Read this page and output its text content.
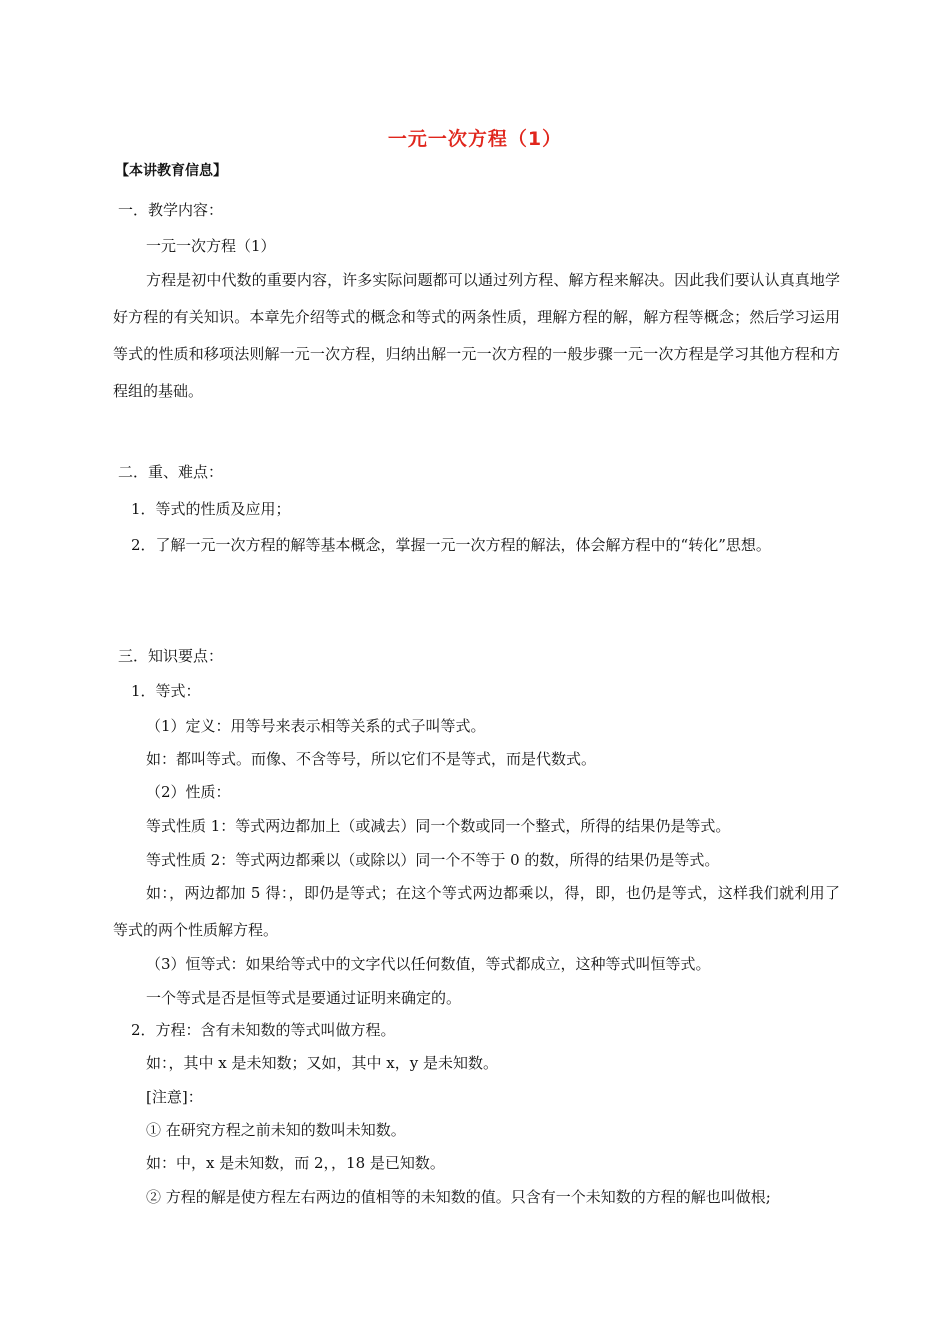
一元一次方程（1）
【本讲教育信息】
一．教学内容：
一元一次方程（1）
方程是初中代数的重要内容，许多实际问题都可以通过列方程、解方程来解决。因此我们要认认真真地学好方程的有关知识。本章先介绍等式的概念和等式的两条性质，理解方程的解，解方程等概念；然后学习运用等式的性质和移项法则解一元一次方程，归纳出解一元一次方程的一般步骤一元一次方程是学习其他方程和方程组的基础。
二．重、难点：
1．等式的性质及应用；
2．了解一元一次方程的解等基本概念，掌握一元一次方程的解法，体会解方程中的“转化”思想。
三．知识要点：
1．等式：
（1）定义：用等号来表示相等关系的式子叫等式。
如：都叫等式。而像、不含等号，所以它们不是等式，而是代数式。
（2）性质：
等式性质 1：等式两边都加上（或减去）同一个数或同一个整式，所得的结果仍是等式。
等式性质 2：等式两边都乘以（或除以）同一个不等于 0 的数，所得的结果仍是等式。
如：，两边都加 5 得：，即仍是等式；在这个等式两边都乘以，得，即，也仍是等式，这样我们就利用了等式的两个性质解方程。
（3）恒等式：如果给等式中的文字代以任何数值，等式都成立，这种等式叫恒等式。
一个等式是否是恒等式是要通过证明来确定的。
2．方程：含有未知数的等式叫做方程。
如：，其中 x 是未知数；又如，其中 x，y 是未知数。
[注意]：
① 在研究方程之前未知的数叫未知数。
如：中，x 是未知数，而 2，，18 是已知数。
② 方程的解是使方程左右两边的值相等的未知数的值。只含有一个未知数的方程的解也叫做根;
